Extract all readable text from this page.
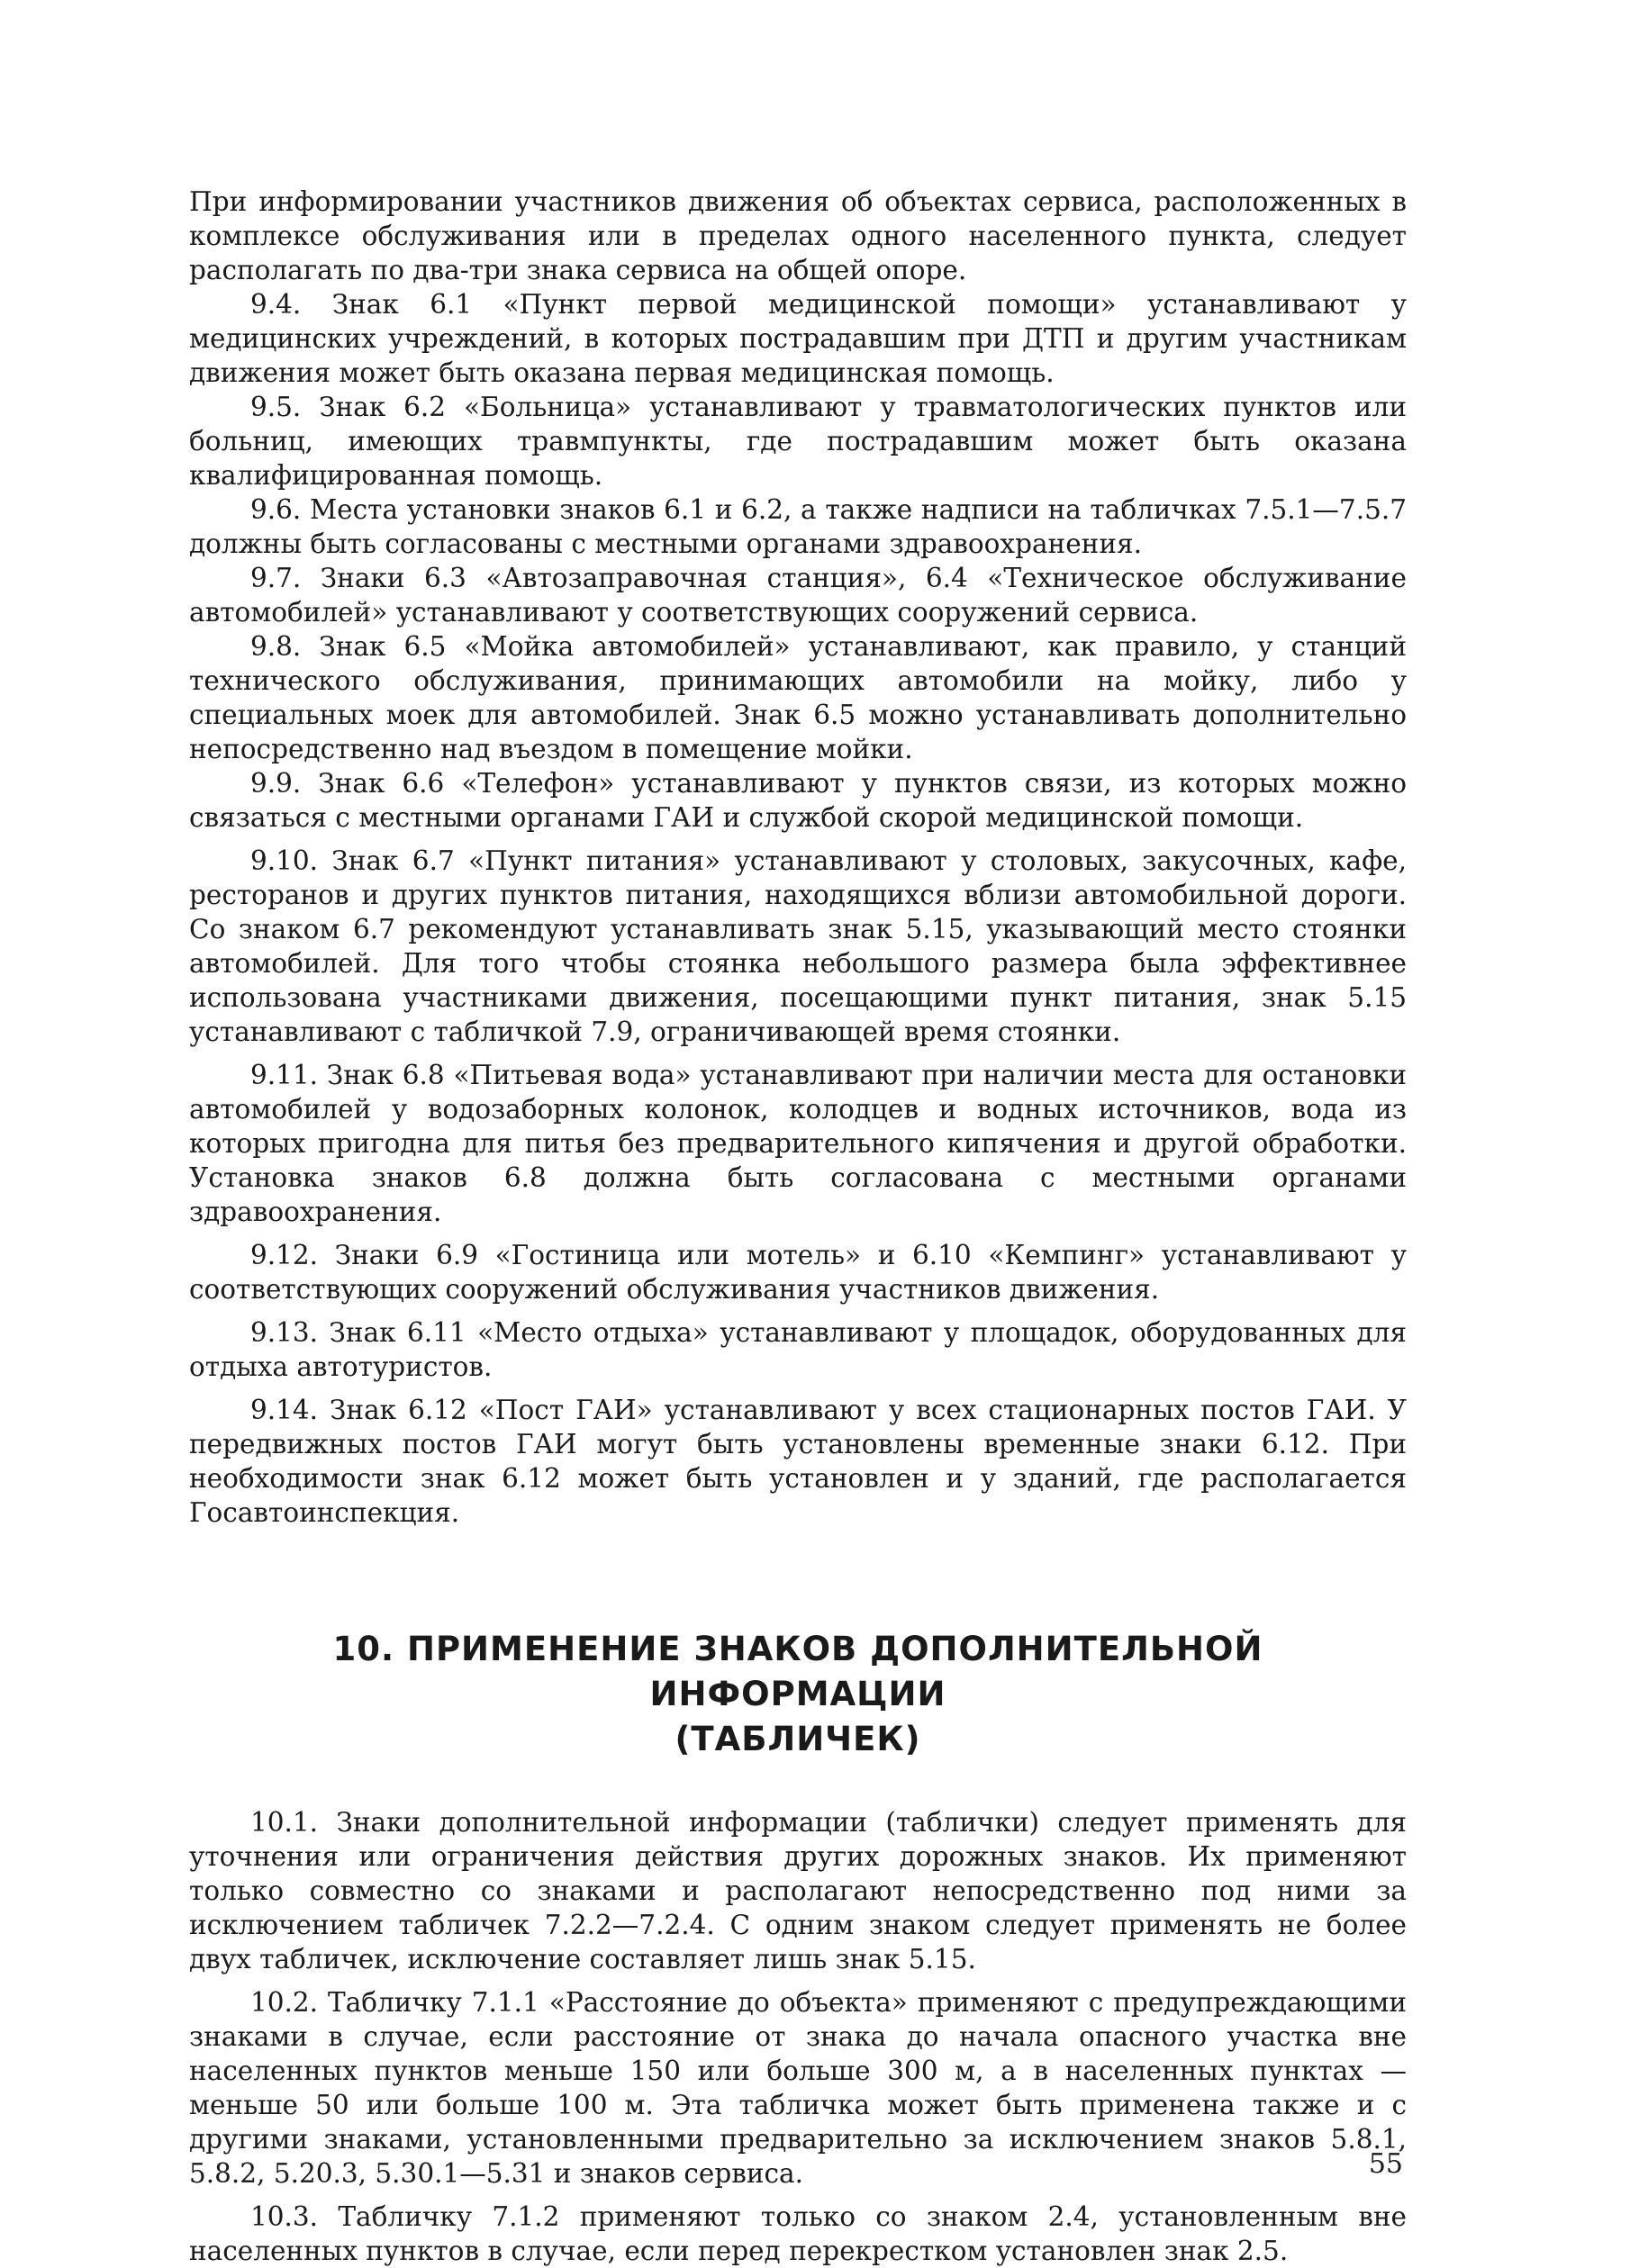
При информировании участников движения об объектах сервиса, расположенных в комплексе обслуживания или в пределах одного населенного пункта, следует располагать по два-три знака сервиса на общей опоре.

9.4. Знак 6.1 «Пункт первой медицинской помощи» устанавливают у медицинских учреждений, в которых пострадавшим при ДТП и другим участникам движения может быть оказана первая медицинская помощь.

9.5. Знак 6.2 «Больница» устанавливают у травматологических пунктов или больниц, имеющих травмпункты, где пострадавшим может быть оказана квалифицированная помощь.

9.6. Места установки знаков 6.1 и 6.2, а также надписи на табличках 7.5.1—7.5.7 должны быть согласованы с местными органами здравоохранения.

9.7. Знаки 6.3 «Автозаправочная станция», 6.4 «Техническое обслуживание автомобилей» устанавливают у соответствующих сооружений сервиса.

9.8. Знак 6.5 «Мойка автомобилей» устанавливают, как правило, у станций технического обслуживания, принимающих автомобили на мойку, либо у специальных моек для автомобилей. Знак 6.5 можно устанавливать дополнительно непосредственно над въездом в помещение мойки.

9.9. Знак 6.6 «Телефон» устанавливают у пунктов связи, из которых можно связаться с местными органами ГАИ и службой скорой медицинской помощи.

9.10. Знак 6.7 «Пункт питания» устанавливают у столовых, закусочных, кафе, ресторанов и других пунктов питания, находящихся вблизи автомобильной дороги. Со знаком 6.7 рекомендуют устанавливать знак 5.15, указывающий место стоянки автомобилей. Для того чтобы стоянка небольшого размера была эффективнее использована участниками движения, посещающими пункт питания, знак 5.15 устанавливают с табличкой 7.9, ограничивающей время стоянки.

9.11. Знак 6.8 «Питьевая вода» устанавливают при наличии места для остановки автомобилей у водозаборных колонок, колодцев и водных источников, вода из которых пригодна для питья без предварительного кипячения и другой обработки. Установка знаков 6.8 должна быть согласована с местными органами здравоохранения.

9.12. Знаки 6.9 «Гостиница или мотель» и 6.10 «Кемпинг» устанавливают у соответствующих сооружений обслуживания участников движения.

9.13. Знак 6.11 «Место отдыха» устанавливают у площадок, оборудованных для отдыха автотуристов.

9.14. Знак 6.12 «Пост ГАИ» устанавливают у всех стационарных постов ГАИ. У передвижных постов ГАИ могут быть установлены временные знаки 6.12. При необходимости знак 6.12 может быть установлен и у зданий, где располагается Госавтоинспекция.

10. ПРИМЕНЕНИЕ ЗНАКОВ ДОПОЛНИТЕЛЬНОЙ ИНФОРМАЦИИ
(ТАБЛИЧЕК)

10.1. Знаки дополнительной информации (таблички) следует применять для уточнения или ограничения действия других дорожных знаков. Их применяют только совместно со знаками и располагают непосредственно под ними за исключением табличек 7.2.2—7.2.4. С одним знаком следует применять не более двух табличек, исключение составляет лишь знак 5.15.

10.2. Табличку 7.1.1 «Расстояние до объекта» применяют с предупреждающими знаками в случае, если расстояние от знака до начала опасного участка вне населенных пунктов меньше 150 или больше 300 м, а в населенных пунктах — меньше 50 или больше 100 м. Эта табличка может быть применена также и с другими знаками, установленными предварительно за исключением знаков 5.8.1, 5.8.2, 5.20.3, 5.30.1—5.31 и знаков сервиса.

10.3. Табличку 7.1.2 применяют только со знаком 2.4, установленным вне населенных пунктов в случае, если перед перекрестком установлен знак 2.5.

55
